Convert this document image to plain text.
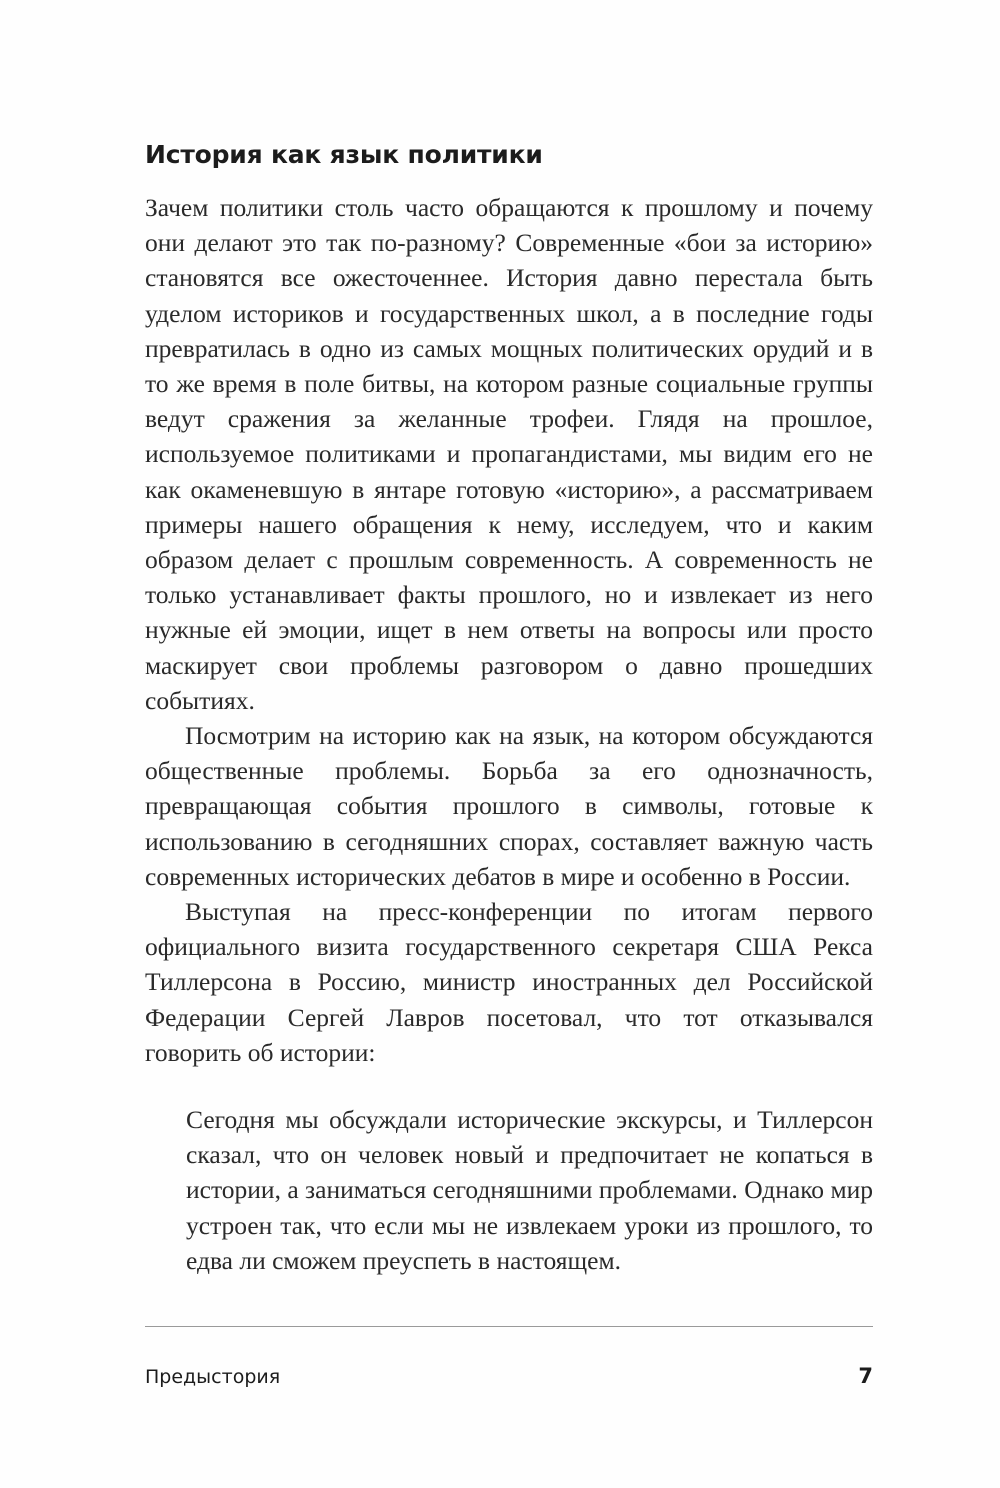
История как язык политики

Зачем политики столь часто обращаются к прошлому и почему они делают это так по-разному? Современные «бои за историю» становятся все ожесточеннее. История давно перестала быть уделом историков и государственных школ, а в последние годы превратилась в одно из самых мощных политических орудий и в то же время в поле битвы, на котором разные социальные группы ведут сражения за желанные трофеи. Глядя на прошлое, используемое политиками и пропагандистами, мы видим его не как окаменевшую в янтаре готовую «историю», а рассматриваем примеры нашего обращения к нему, исследуем, что и каким образом делает с прошлым современность. А современность не только устанавливает факты прошлого, но и извлекает из него нужные ей эмоции, ищет в нем ответы на вопросы или просто маскирует свои проблемы разговором о давно прошедших событиях.

Посмотрим на историю как на язык, на котором обсуждаются общественные проблемы. Борьба за его однозначность, превращающая события прошлого в символы, готовые к использованию в сегодняшних спорах, составляет важную часть современных исторических дебатов в мире и особенно в России.

Выступая на пресс-конференции по итогам первого официального визита государственного секретаря США Рекса Тиллерсона в Россию, министр иностранных дел Российской Федерации Сергей Лавров посетовал, что тот отказывался говорить об истории:

Сегодня мы обсуждали исторические экскурсы, и Тиллерсон сказал, что он человек новый и предпочитает не копаться в истории, а заниматься сегодняшними проблемами. Однако мир устроен так, что если мы не извлекаем уроки из прошлого, то едва ли сможем преуспеть в настоящем.
Предыстория	7
